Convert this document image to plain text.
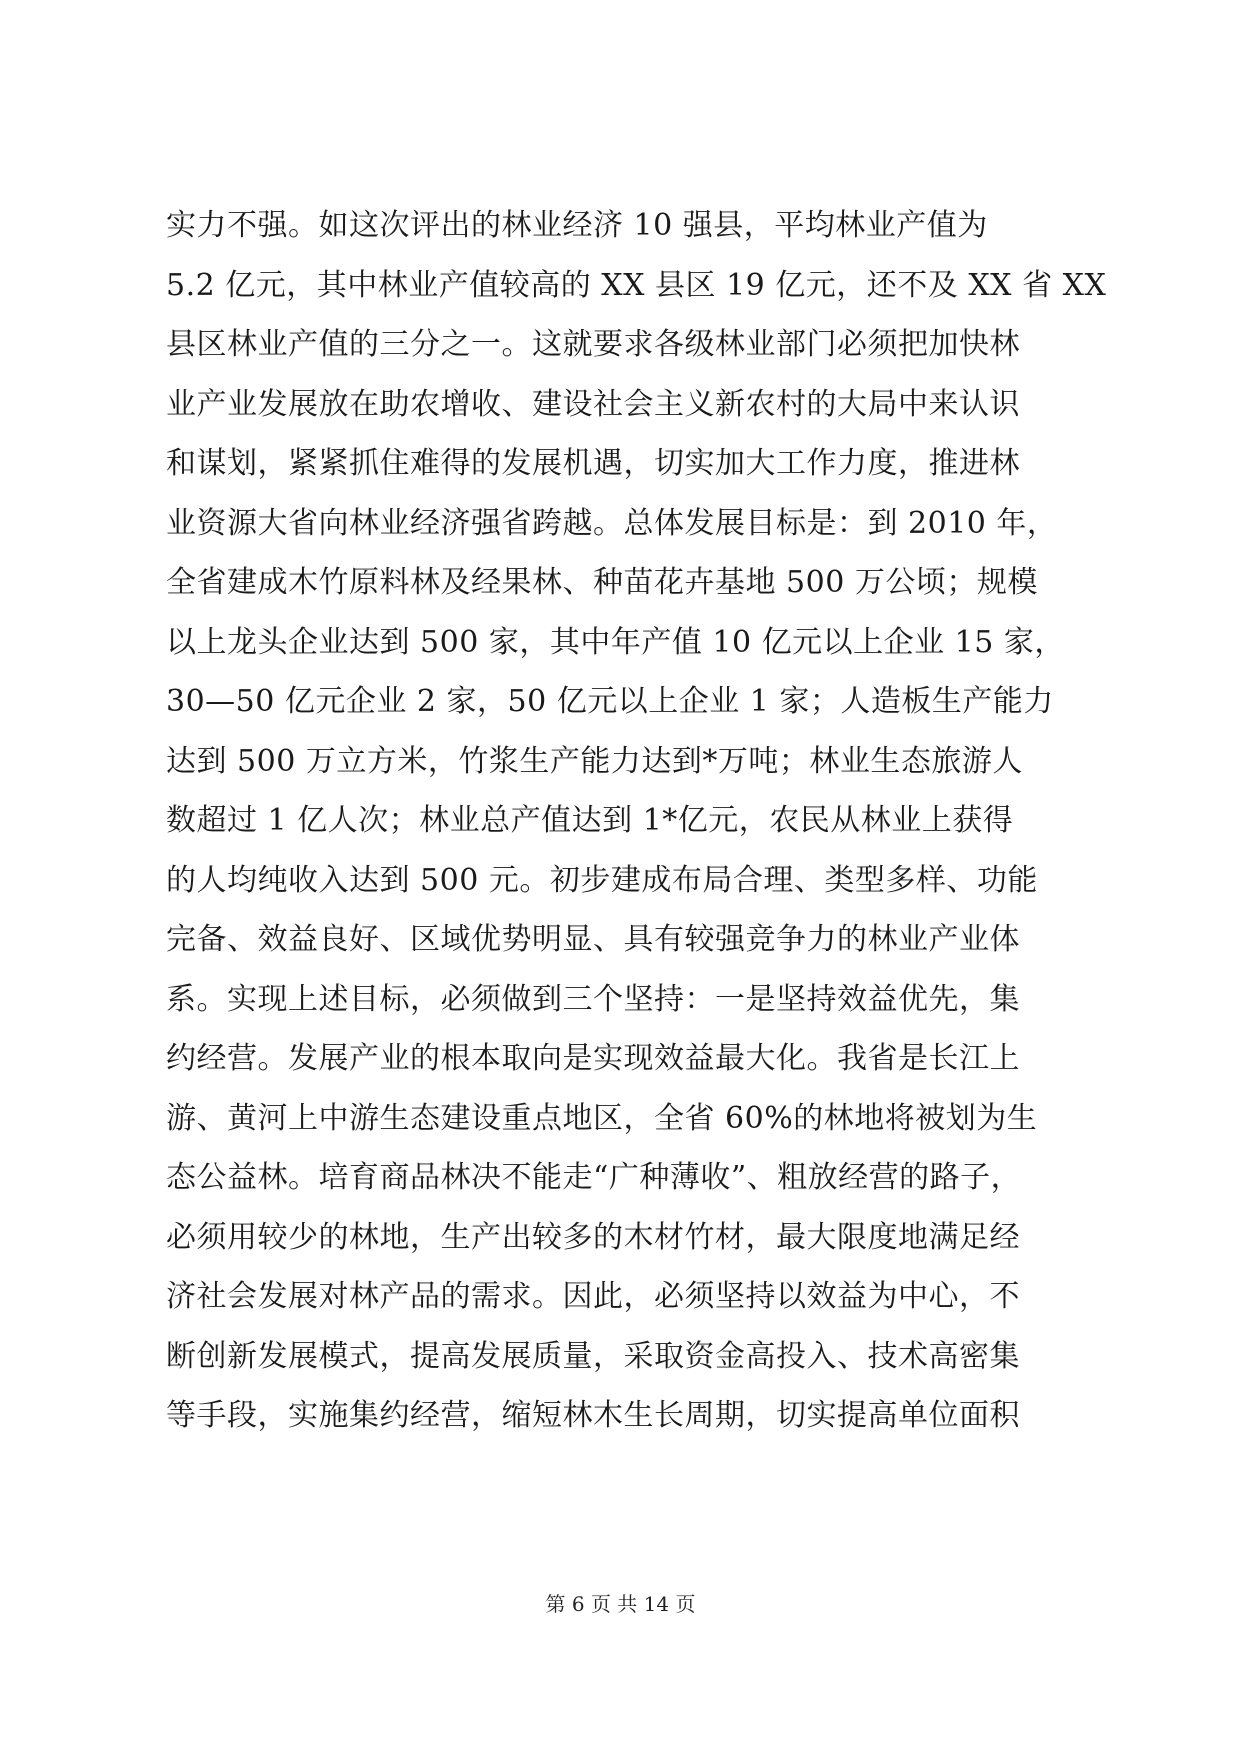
实力不强。如这次评出的林业经济 10 强县，平均林业产值为
5.2 亿元，其中林业产值较高的 XX 县区 19 亿元，还不及 XX 省 XX
县区林业产值的三分之一。这就要求各级林业部门必须把加快林
业产业发展放在助农增收、建设社会主义新农村的大局中来认识
和谋划，紧紧抓住难得的发展机遇，切实加大工作力度，推进林
业资源大省向林业经济强省跨越。总体发展目标是：到 2010 年，
全省建成木竹原料林及经果林、种苗花卉基地 500 万公顷；规模
以上龙头企业达到 500 家，其中年产值 10 亿元以上企业 15 家，
30—50 亿元企业 2 家，50 亿元以上企业 1 家；人造板生产能力
达到 500 万立方米，竹浆生产能力达到*万吨；林业生态旅游人
数超过 1 亿人次；林业总产值达到 1*亿元，农民从林业上获得
的人均纯收入达到 500 元。初步建成布局合理、类型多样、功能
完备、效益良好、区域优势明显、具有较强竞争力的林业产业体
系。实现上述目标，必须做到三个坚持：一是坚持效益优先，集
约经营。发展产业的根本取向是实现效益最大化。我省是长江上
游、黄河上中游生态建设重点地区，全省 60%的林地将被划为生
态公益林。培育商品林决不能走“广种薄收”、粗放经营的路子，
必须用较少的林地，生产出较多的木材竹材，最大限度地满足经
济社会发展对林产品的需求。因此，必须坚持以效益为中心，不
断创新发展模式，提高发展质量，采取资金高投入、技术高密集
等手段，实施集约经营，缩短林木生长周期，切实提高单位面积
第 6 页 共 14 页
